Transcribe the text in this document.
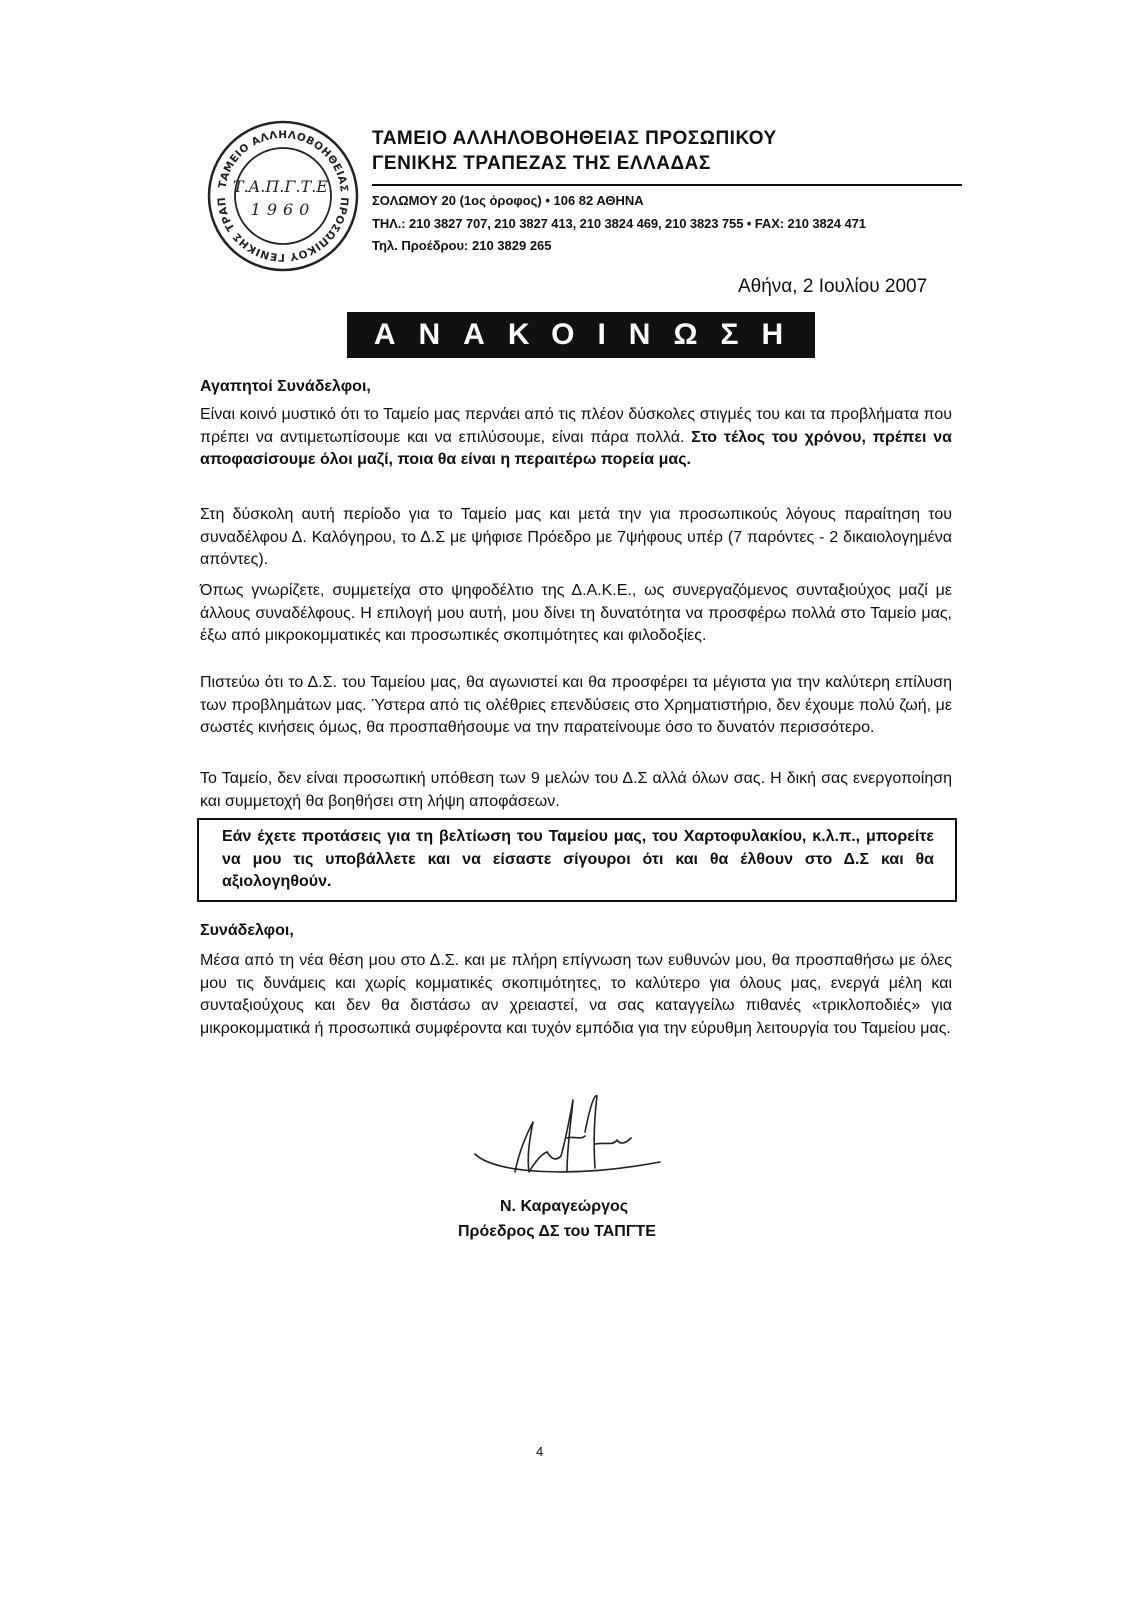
ΤΑΜΕΙΟ ΑΛΛΗΛΟΒΟΗΘΕΙΑΣ ΠΡΟΣΩΠΙΚΟΥ ΓΕΝΙΚΗΣ ΤΡΑΠ
Τ.Α.Π.Γ.Τ.Ε.
1960
ΤΑΜΕΙΟ ΑΛΛΗΛΟΒΟΗΘΕΙΑΣ ΠΡΟΣΩΠΙΚΟΥ
ΓΕΝΙΚΗΣ ΤΡΑΠΕΖΑΣ ΤΗΣ ΕΛΛΑΔΑΣ
ΣΟΛΩΜΟΥ 20 (1ος όροφος) • 106 82 ΑΘΗΝΑ
ΤΗΛ.: 210 3827 707, 210 3827 413, 210 3824 469, 210 3823 755 • FAX: 210 3824 471
Τηλ. Προέδρου: 210 3829 265
Αθήνα, 2 Ιουλίου 2007
ΑΝΑΚΟΙΝΩΣΗ
Αγαπητοί Συνάδελφοι,
Είναι κοινό μυστικό ότι το Ταμείο μας περνάει από τις πλέον δύσκολες στιγμές του και τα προβλήματα που πρέπει να αντιμετωπίσουμε και να επιλύσουμε, είναι πάρα πολλά. Στο τέλος του χρόνου, πρέπει να αποφασίσουμε όλοι μαζί, ποια θα είναι η περαιτέρω πορεία μας.
Στη δύσκολη αυτή περίοδο για το Ταμείο μας και μετά την για προσωπικούς λόγους παραίτηση του συναδέλφου Δ. Καλόγηρου, το Δ.Σ με ψήφισε Πρόεδρο με 7ψήφους υπέρ (7 παρόντες - 2 δικαιολογημένα απόντες).
Όπως γνωρίζετε, συμμετείχα στο ψηφοδέλτιο της Δ.Α.Κ.Ε., ως συνεργαζόμενος συνταξιούχος μαζί με άλλους συναδέλφους. Η επιλογή μου αυτή, μου δίνει τη δυνατότητα να προσφέρω πολλά στο Ταμείο μας, έξω από μικροκομματικές και προσωπικές σκοπιμότητες και φιλοδοξίες.
Πιστεύω ότι το Δ.Σ. του Ταμείου μας, θα αγωνιστεί και θα προσφέρει τα μέγιστα για την καλύτερη επίλυση των προβλημάτων μας. Ύστερα από τις ολέθριες επενδύσεις στο Χρηματιστήριο, δεν έχουμε πολύ ζωή, με σωστές κινήσεις όμως, θα προσπαθήσουμε να την παρατείνουμε όσο το δυνατόν περισσότερο.
Το Ταμείο, δεν είναι προσωπική υπόθεση των 9 μελών του Δ.Σ αλλά όλων σας. Η δική σας ενεργοποίηση και συμμετοχή θα βοηθήσει στη λήψη αποφάσεων.
Εάν έχετε προτάσεις για τη βελτίωση του Ταμείου μας, του Χαρτοφυλακίου, κ.λ.π., μπορείτε να μου τις υποβάλλετε και να είσαστε σίγουροι ότι και θα έλθουν στο Δ.Σ και θα αξιολογηθούν.
Συνάδελφοι,
Μέσα από τη νέα θέση μου στο Δ.Σ. και με πλήρη επίγνωση των ευθυνών μου, θα προσπαθήσω με όλες μου τις δυνάμεις και χωρίς κομματικές σκοπιμότητες, το καλύτερο για όλους μας, ενεργά μέλη και συνταξιούχους και δεν θα διστάσω αν χρειαστεί, να σας καταγγείλω πιθανές «τρικλοποδιές» για μικροκομματικά ή προσωπικά συμφέροντα και τυχόν εμπόδια για την εύρυθμη λειτουργία του Ταμείου μας.
Ν. Καραγεώργος
Πρόεδρος ΔΣ του ΤΑΠΓΤΕ
4
